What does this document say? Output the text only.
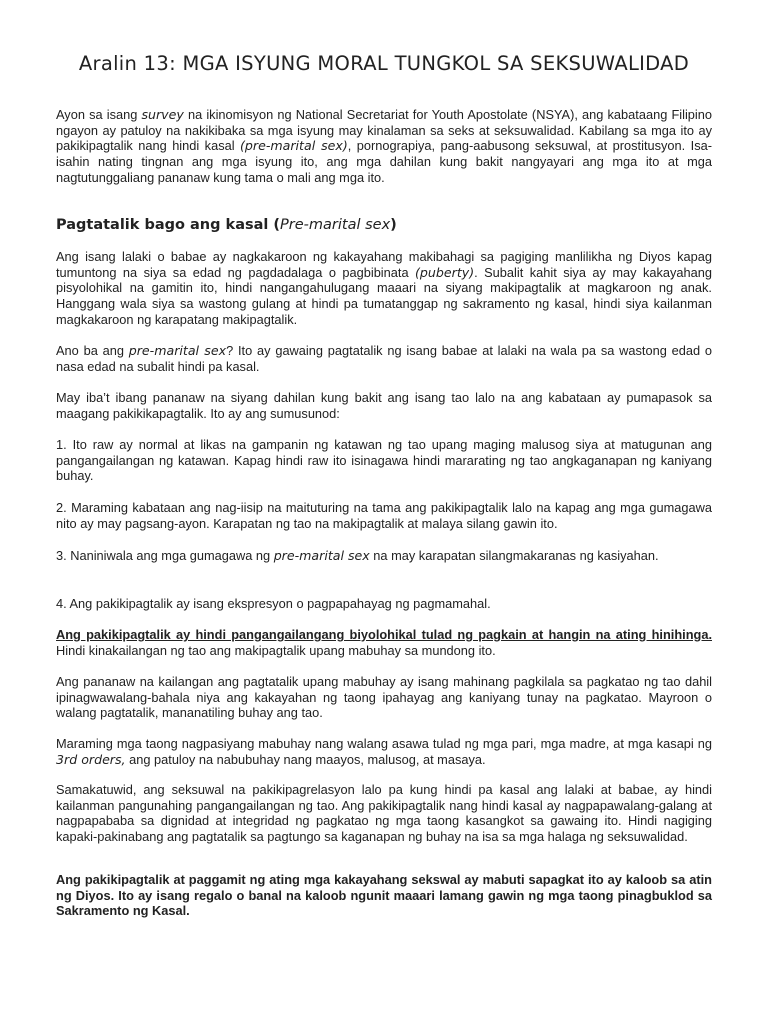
Aralin 13: MGA ISYUNG MORAL TUNGKOL SA SEKSUWALIDAD

Ayon sa isang survey na ikinomisyon ng National Secretariat for Youth Apostolate (NSYA), ang kabataang Filipino ngayon ay patuloy na nakikibaka sa mga isyung may kinalaman sa seks at seksuwalidad. Kabilang sa mga ito ay pakikipagtalik nang hindi kasal (pre-marital sex), pornograpiya, pang-aabusong seksuwal, at prostitusyon. Isa-isahin nating tingnan ang mga isyung ito, ang mga dahilan kung bakit nangyayari ang mga ito at mga nagtutunggaliang pananaw kung tama o mali ang mga ito.

Pagtatalik bago ang kasal (Pre-marital sex)

Ang isang lalaki o babae ay nagkakaroon ng kakayahang makibahagi sa pagiging manlilikha ng Diyos kapag tumuntong na siya sa edad ng pagdadalaga o pagbibinata (puberty). Subalit kahit siya ay may kakayahang pisyolohikal na gamitin ito, hindi nangangahulugang maaari na siyang makipagtalik at magkaroon ng anak. Hanggang wala siya sa wastong gulang at hindi pa tumatanggap ng sakramento ng kasal, hindi siya kailanman magkakaroon ng karapatang makipagtalik.

Ano ba ang pre-marital sex? Ito ay gawaing pagtatalik ng isang babae at lalaki na wala pa sa wastong edad o nasa edad na subalit hindi pa kasal.

May iba’t ibang pananaw na siyang dahilan kung bakit ang isang tao lalo na ang kabataan ay pumapasok sa maagang pakikikapagtalik. Ito ay ang sumusunod:

1. Ito raw ay normal at likas na gampanin ng katawan ng tao upang maging malusog siya at matugunan ang pangangailangan ng katawan. Kapag hindi raw ito isinagawa hindi mararating ng tao angkaganapan ng kaniyang buhay.

2. Maraming kabataan ang nag-iisip na maituturing na tama ang pakikipagtalik lalo na kapag ang mga gumagawa nito ay may pagsang-ayon. Karapatan ng tao na makipagtalik at malaya silang gawin ito.

3. Naniniwala ang mga gumagawa ng pre-marital sex na may karapatan silangmakaranas ng kasiyahan.

4. Ang pakikipagtalik ay isang ekspresyon o pagpapahayag ng pagmamahal.

Ang pakikipagtalik ay hindi pangangailangang biyolohikal tulad ng pagkain at hangin na ating hinihinga. Hindi kinakailangan ng tao ang makipagtalik upang mabuhay sa mundong ito.

Ang pananaw na kailangan ang pagtatalik upang mabuhay ay isang mahinang pagkilala sa pagkatao ng tao dahil ipinagwawalang-bahala niya ang kakayahan ng taong ipahayag ang kaniyang tunay na pagkatao. Mayroon o walang pagtatalik, mananatiling buhay ang tao.

Maraming mga taong nagpasiyang mabuhay nang walang asawa tulad ng mga pari, mga madre, at mga kasapi ng 3rd orders, ang patuloy na nabubuhay nang maayos, malusog, at masaya.

Samakatuwid, ang seksuwal na pakikipagrelasyon lalo pa kung hindi pa kasal ang lalaki at babae, ay hindi kailanman pangunahing pangangailangan ng tao. Ang pakikipagtalik nang hindi kasal ay nagpapawalang-galang at nagpapababa sa dignidad at integridad ng pagkatao ng mga taong kasangkot sa gawaing ito. Hindi nagiging kapaki-pakinabang ang pagtatalik sa pagtungo sa kaganapan ng buhay na isa sa mga halaga ng seksuwalidad.

Ang pakikipagtalik at paggamit ng ating mga kakayahang sekswal ay mabuti sapagkat ito ay kaloob sa atin ng Diyos. Ito ay isang regalo o banal na kaloob ngunit maaari lamang gawin ng mga taong pinagbuklod sa Sakramento ng Kasal.
